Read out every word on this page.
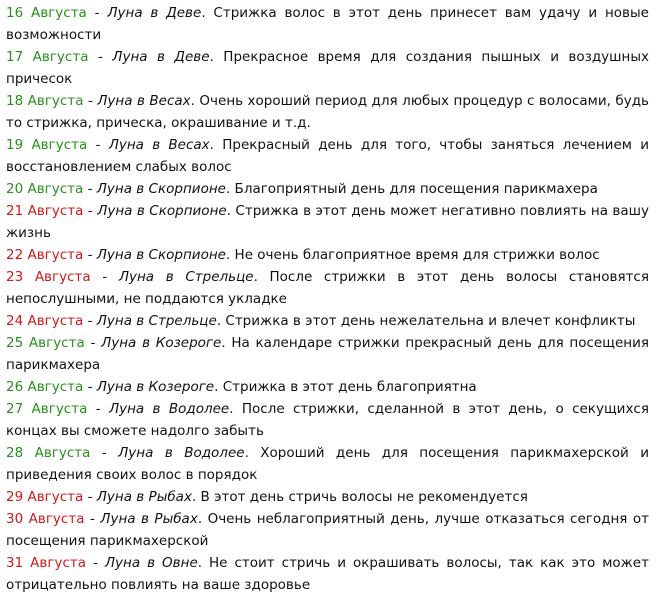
16 Августа - Луна в Деве. Стрижка волос в этот день принесет вам удачу и новые возможности

17 Августа - Луна в Деве. Прекрасное время для создания пышных и воздушных причесок

18 Августа - Луна в Весах. Очень хороший период для любых процедур с волосами, будь то стрижка, прическа, окрашивание и т.д.

19 Августа - Луна в Весах. Прекрасный день для того, чтобы заняться лечением и восстановлением слабых волос

20 Августа - Луна в Скорпионе. Благоприятный день для посещения парикмахера

21 Августа - Луна в Скорпионе. Стрижка в этот день может негативно повлиять на вашу жизнь

22 Августа - Луна в Скорпионе. Не очень благоприятное время для стрижки волос

23 Августа - Луна в Стрельце. После стрижки в этот день волосы становятся непослушными, не поддаются укладке

24 Августа - Луна в Стрельце. Стрижка в этот день нежелательна и влечет конфликты

25 Августа - Луна в Козероге. На календаре стрижки прекрасный день для посещения парикмахера

26 Августа - Луна в Козероге. Стрижка в этот день благоприятна

27 Августа - Луна в Водолее. После стрижки, сделанной в этот день, о секущихся концах вы сможете надолго забыть

28 Августа - Луна в Водолее. Хороший день для посещения парикмахерской и приведения своих волос в порядок

29 Августа - Луна в Рыбах. В этот день стричь волосы не рекомендуется

30 Августа - Луна в Рыбах. Очень неблагоприятный день, лучше отказаться сегодня от посещения парикмахерской

31 Августа - Луна в Овне. Не стоит стричь и окрашивать волосы, так как это может отрицательно повлиять на ваше здоровье
